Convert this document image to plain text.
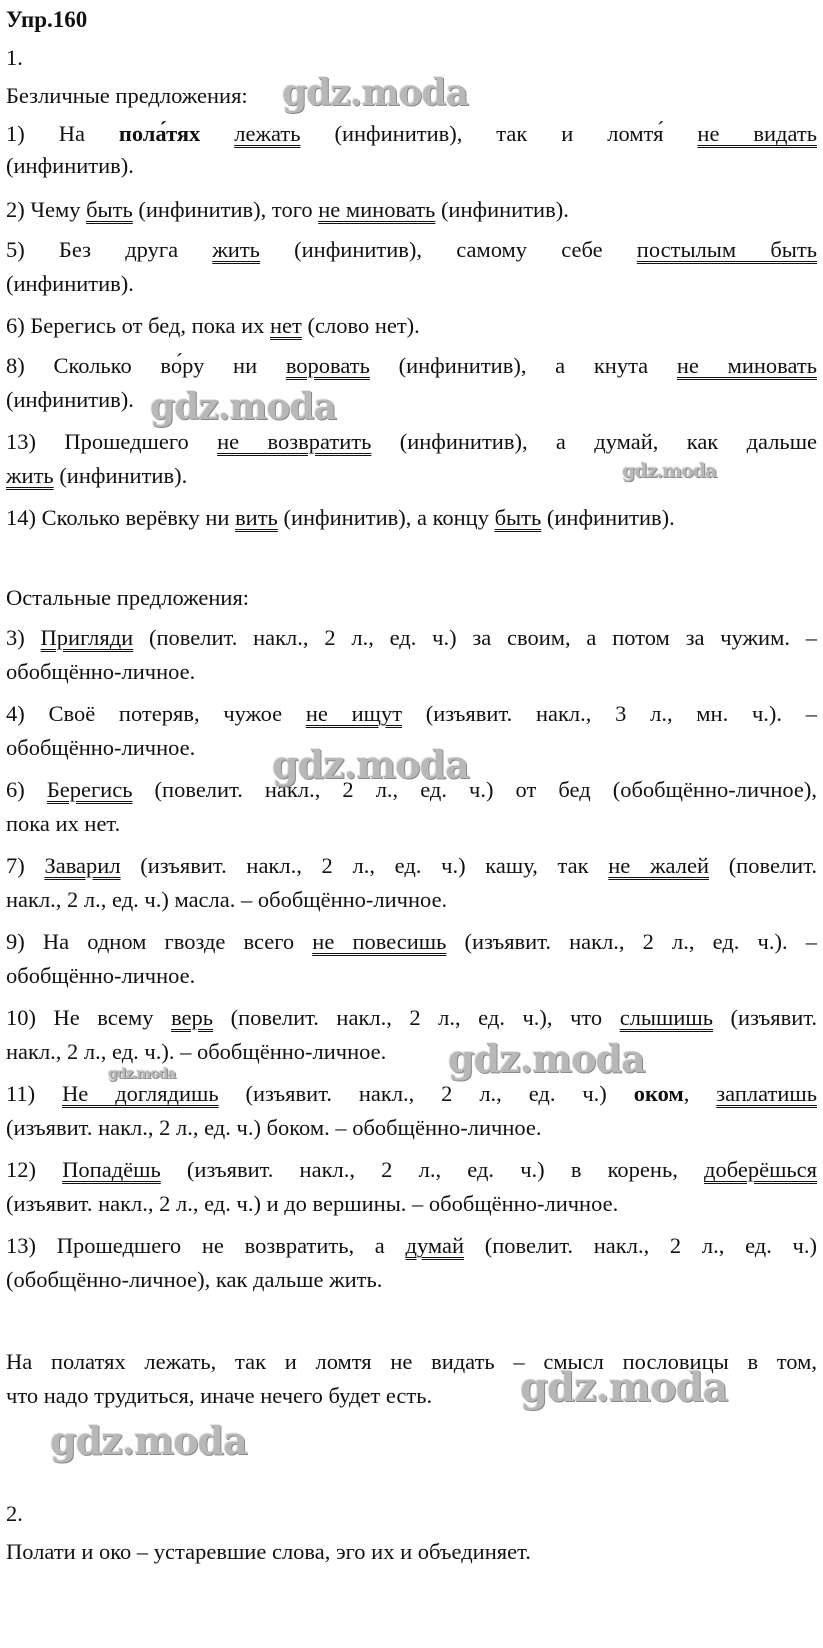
Упр.160
1.
Безличные предложения:
1) На пола́тях лежать (инфинитив), так и ломтя́ не видать
(инфинитив).
2) Чему быть (инфинитив), того не миновать (инфинитив).
5) Без друга жить (инфинитив), самому себе постылым быть
(инфинитив).
6) Берегись от бед, пока их нет (слово нет).
8) Сколько во́ру ни воровать (инфинитив), а кнута не миновать
(инфинитив).
13) Прошедшего не возвратить (инфинитив), а думай, как дальше
жить (инфинитив).
14) Сколько верёвку ни вить (инфинитив), а концу быть (инфинитив).
Остальные предложения:
3) Пригляди (повелит. накл., 2 л., ед. ч.) за своим, а потом за чужим. –
обобщённо-личное.
4) Своё потеряв, чужое не ищут (изъявит. накл., 3 л., мн. ч.). –
обобщённо-личное.
6) Берегись (повелит. накл., 2 л., ед. ч.) от бед (обобщённо-личное),
пока их нет.
7) Заварил (изъявит. накл., 2 л., ед. ч.) кашу, так не жалей (повелит.
накл., 2 л., ед. ч.) масла. – обобщённо-личное.
9) На одном гвозде всего не повесишь (изъявит. накл., 2 л., ед. ч.). –
обобщённо-личное.
10) Не всему верь (повелит. накл., 2 л., ед. ч.), что слышишь (изъявит.
накл., 2 л., ед. ч.). – обобщённо-личное.
11) Не доглядишь (изъявит. накл., 2 л., ед. ч.) оком, заплатишь
(изъявит. накл., 2 л., ед. ч.) боком. – обобщённо-личное.
12) Попадёшь (изъявит. накл., 2 л., ед. ч.) в корень, доберёшься
(изъявит. накл., 2 л., ед. ч.) и до вершины. – обобщённо-личное.
13) Прошедшего не возвратить, а думай (повелит. накл., 2 л., ед. ч.)
(обобщённо-личное), как дальше жить.
На полатях лежать, так и ломтя не видать – смысл пословицы в том,
что надо трудиться, иначе нечего будет есть.
2.
Полати и око – устаревшие слова, эго их и объединяет.
gdz.moda
gdz.moda
gdz.moda
gdz.moda
gdz.moda
gdz.moda
gdz.moda
gdz.moda
